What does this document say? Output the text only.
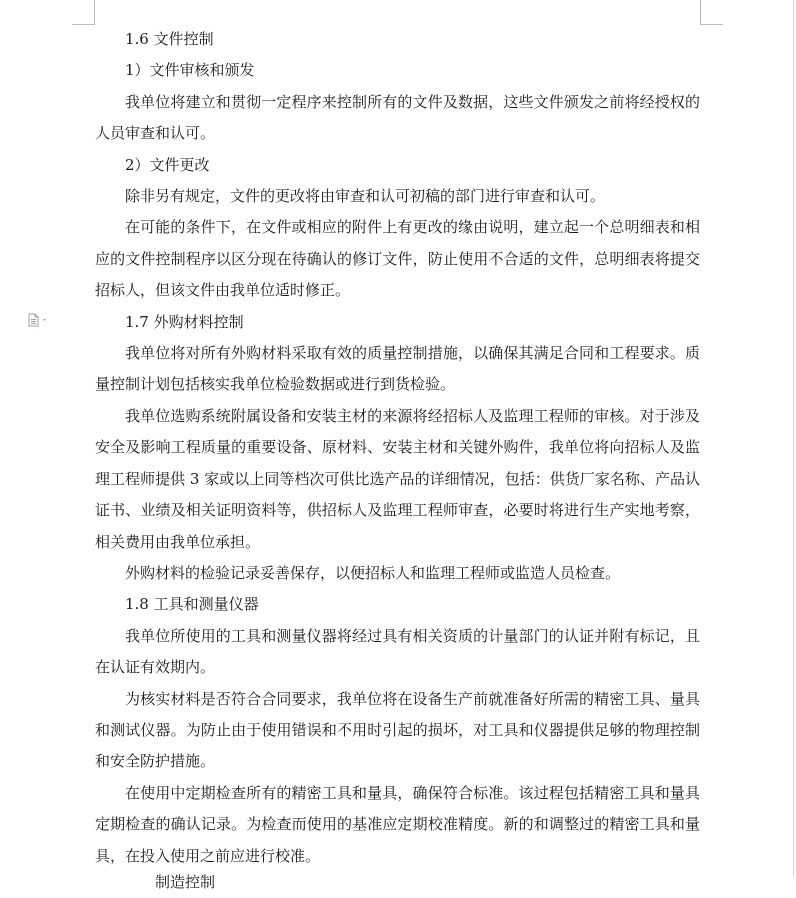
1.6 文件控制

1）文件审核和颁发

我单位将建立和贯彻一定程序来控制所有的文件及数据，这些文件颁发之前将经授权的人员审查和认可。

2）文件更改

除非另有规定，文件的更改将由审查和认可初稿的部门进行审查和认可。

在可能的条件下，在文件或相应的附件上有更改的缘由说明，建立起一个总明细表和相应的文件控制程序以区分现在待确认的修订文件，防止使用不合适的文件，总明细表将提交招标人，但该文件由我单位适时修正。

1.7 外购材料控制

我单位将对所有外购材料采取有效的质量控制措施，以确保其满足合同和工程要求。质量控制计划包括核实我单位检验数据或进行到货检验。

我单位选购系统附属设备和安装主材的来源将经招标人及监理工程师的审核。对于涉及安全及影响工程质量的重要设备、原材料、安装主材和关键外购件，我单位将向招标人及监理工程师提供 3 家或以上同等档次可供比选产品的详细情况，包括：供货厂家名称、产品认证书、业绩及相关证明资料等，供招标人及监理工程师审查，必要时将进行生产实地考察，相关费用由我单位承担。

外购材料的检验记录妥善保存，以便招标人和监理工程师或监造人员检查。

1.8 工具和测量仪器

我单位所使用的工具和测量仪器将经过具有相关资质的计量部门的认证并附有标记，且在认证有效期内。

为核实材料是否符合合同要求，我单位将在设备生产前就准备好所需的精密工具、量具和测试仪器。为防止由于使用错误和不用时引起的损坏，对工具和仪器提供足够的物理控制和安全防护措施。

在使用中定期检查所有的精密工具和量具，确保符合标准。该过程包括精密工具和量具定期检查的确认记录。为检查而使用的基准应定期校准精度。新的和调整过的精密工具和量具，在投入使用之前应进行校准。

制造控制
